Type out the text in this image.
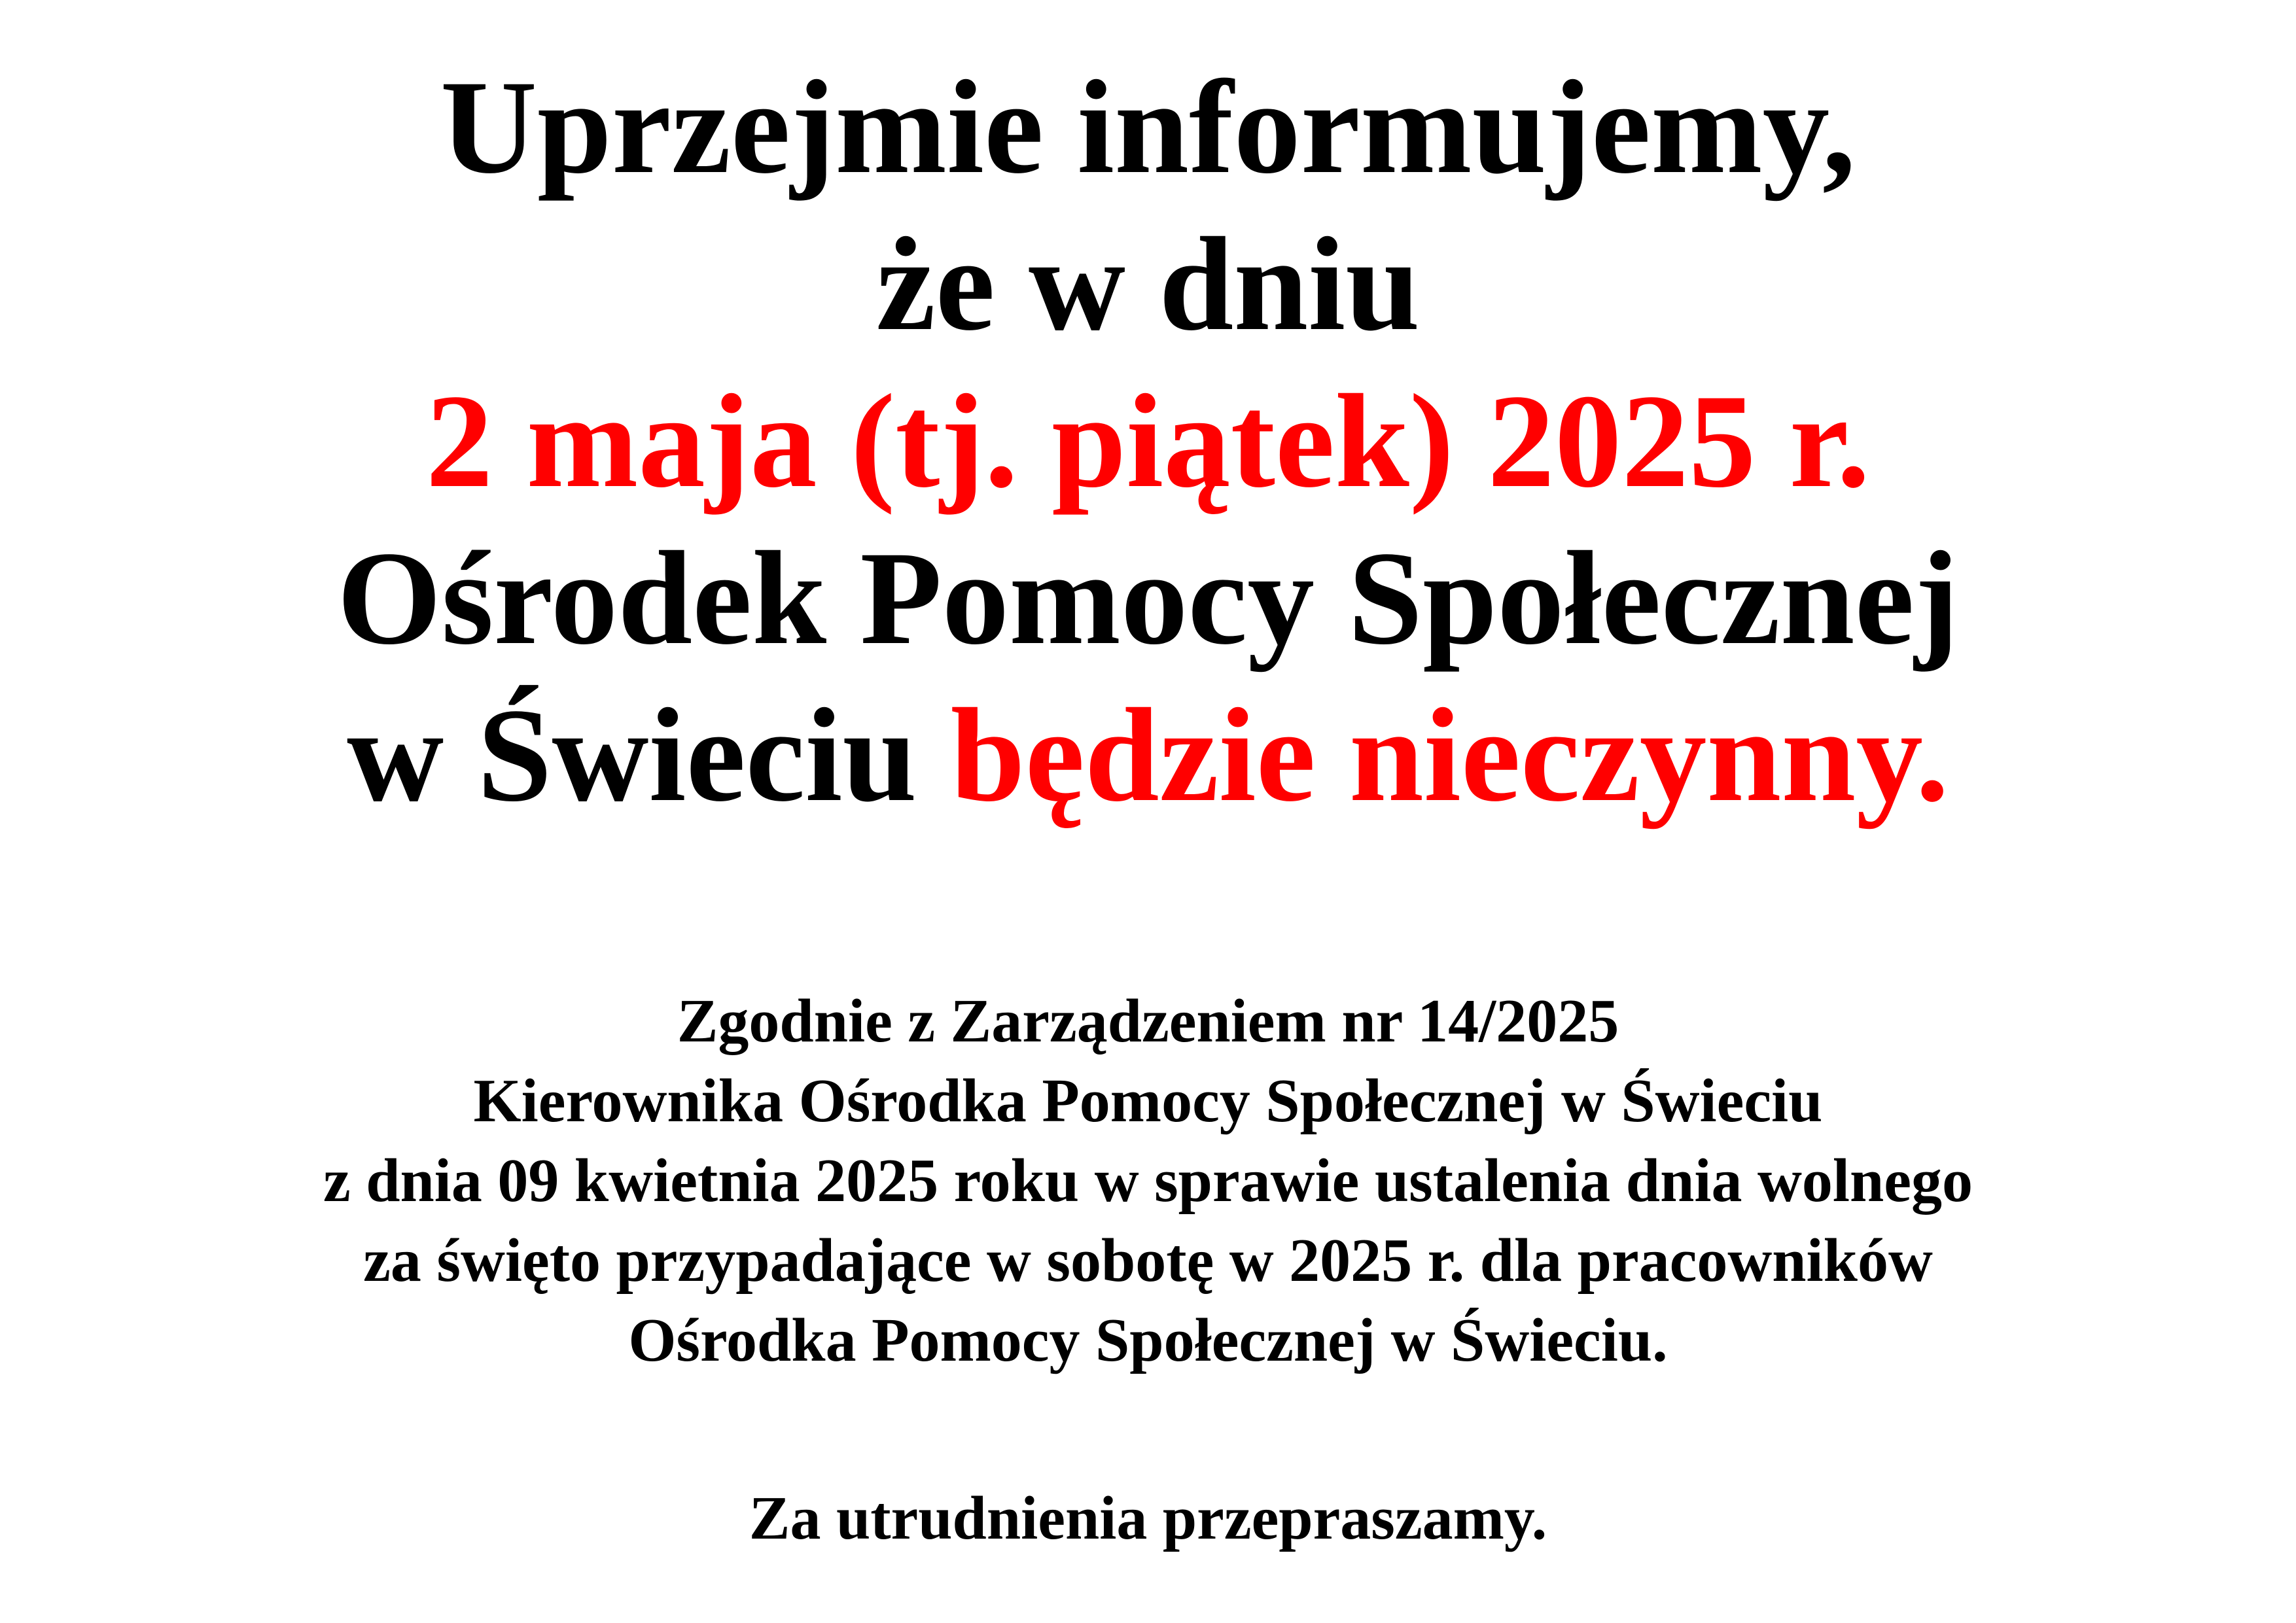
Uprzejmie informujemy,
że w dniu
2 maja (tj. piątek) 2025 r.
Ośrodek Pomocy Społecznej
w Świeciu będzie nieczynny.
Zgodnie z Zarządzeniem nr 14/2025
Kierownika Ośrodka Pomocy Społecznej w Świeciu
z dnia 09 kwietnia 2025 roku w sprawie ustalenia dnia wolnego
za święto przypadające w sobotę w 2025 r. dla pracowników
Ośrodka Pomocy Społecznej w Świeciu.
Za utrudnienia przepraszamy.
